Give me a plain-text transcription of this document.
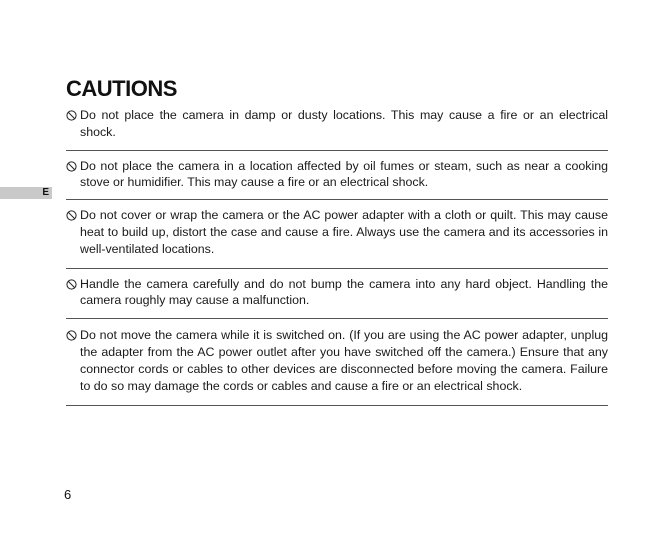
E
CAUTIONS
Do not place the camera in damp or dusty locations. This may cause a fire or an electrical shock.
Do not place the camera in a location affected by oil fumes or steam, such as near a cooking stove or humidifier. This may cause a fire or an electrical shock.
Do not cover or wrap the camera or the AC power adapter with a cloth or quilt. This may cause heat to build up, distort the case and cause a fire. Always use the camera and its accessories in well-ventilated locations.
Handle the camera carefully and do not bump the camera into any hard object. Handling the camera roughly may cause a malfunction.
Do not move the camera while it is switched on. (If you are using the AC power adapter, unplug the adapter from the AC power outlet after you have switched off the camera.) Ensure that any connector cords or cables to other devices are disconnected before moving the camera. Failure to do so may damage the cords or cables and cause a fire or an electrical shock.
6
